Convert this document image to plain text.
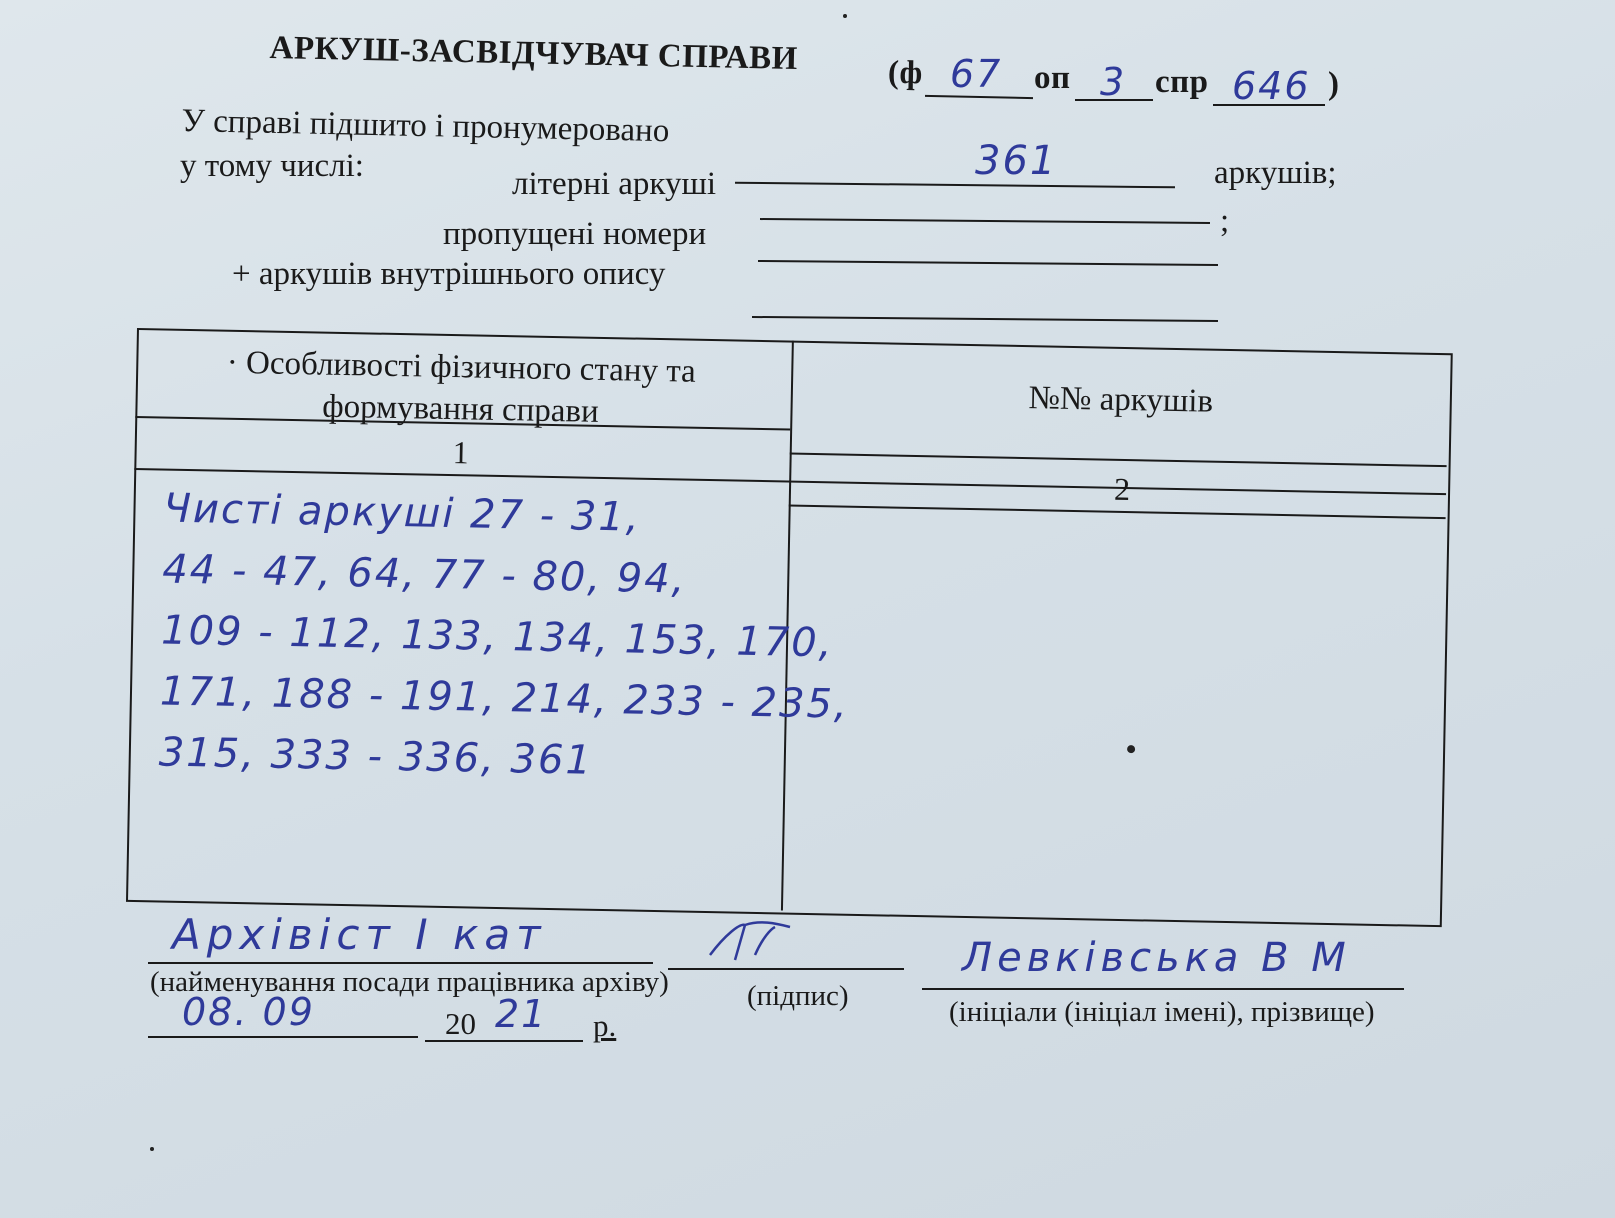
АРКУШ-ЗАСВІДЧУВАЧ СПРАВИ	(ф 67 оп 3 спр 646 )
У справі підшито і пронумеровано
361	аркушів;
у тому числі:	літерні аркуші
;
пропущені номери
+ аркушів внутрішнього опису
· Особливості фізичного стану та формування справи	№№ аркушів
1
2
Чисті аркуші 27 - 31,
44 - 47, 64, 77 - 80, 94,
109 - 112, 133, 134, 153, 170,
171, 188 - 191, 214, 233 - 235,
315, 333 - 336, 361
Архівіст І кат	Левківська В М
(найменування посади працівника архіву)	(підпис)	(ініціали (ініціал імені), прізвище)
08. 09	20 21 р.
